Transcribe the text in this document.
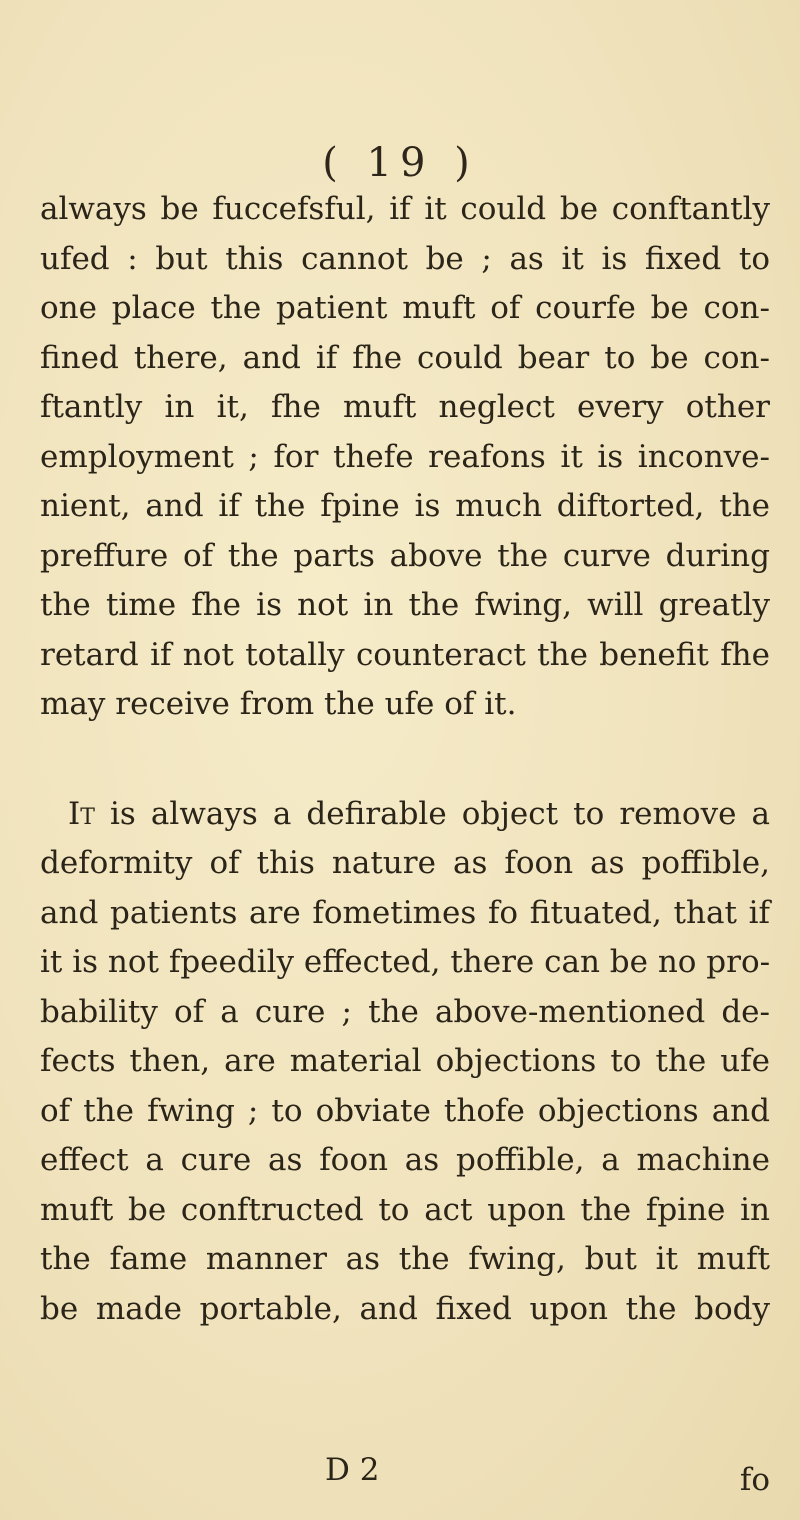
( 19 )
always be fuccefsful, if it could be conftantly
ufed : but this cannot be ; as it is fixed to
one place the patient muft of courfe be con-
fined there, and if fhe could bear to be con-
ftantly in it, fhe muft neglect every other
employment ; for thefe reafons it is inconve-
nient, and if the fpine is much diftorted, the
preffure of the parts above the curve during
the time fhe is not in the fwing, will greatly
retard if not totally counteract the benefit fhe
may receive from the ufe of it.
It is always a defirable object to remove a
deformity of this nature as foon as poffible,
and patients are fometimes fo fituated, that if
it is not fpeedily effected, there can be no pro-
bability of a cure ; the above-mentioned de-
fects then, are material objections to the ufe
of the fwing ; to obviate thofe objections and
effect a cure as foon as poffible, a machine
muft be conftructed to act upon the fpine in
the fame manner as the fwing, but it muft
be made portable, and fixed upon the body
D 2	fo
